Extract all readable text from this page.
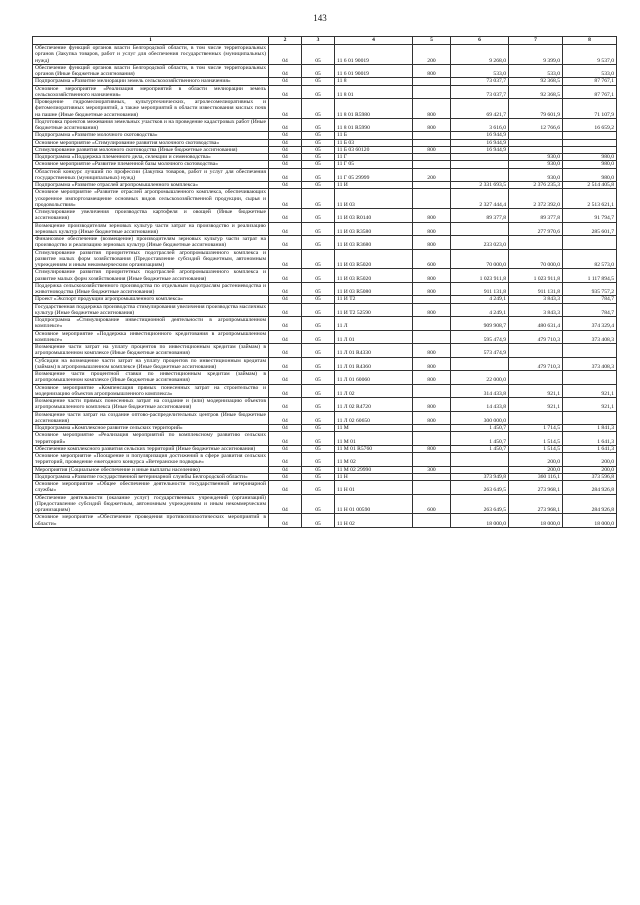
143
1	2	3	4	5	6	7	8
Обеспечение функций органов власти Белгородской области, в том числе территориальных органов (Закупка товаров, работ и услуг для обеспечения государственных (муниципальных) нужд)	04	05	11 6 01 90019	200	9 268,0	9 399,0	9 537,0
Обеспечение функций органов власти Белгородской области, в том числе территориальных органов (Иные бюджетные ассигнования)	04	05	11 6 01 90019	800	533,0	533,0	533,0
Подпрограмма «Развитие мелиорации земель сельскохозяйственного назначения»	04	05	11 8		73 037,7	92 368,5	87 767,1
Основное мероприятие «Реализация мероприятий в области мелиорации земель сельскохозяйственного назначения»	04	05	11 8 01		73 037,7	92 368,5	87 767,1
Проведение гидромелиоративных, культуртехнических, агролесомелиоративных и фитомелиоративных мероприятий, а также мероприятий в области известкования кислых почв на пашне (Иные бюджетные ассигнования)	04	05	11 8 01 R5980	800	69 421,7	79 601,9	71 107,9
Подготовка проектов межевания земельных участков и на проведение кадастровых работ (Иные бюджетные ассигнования)	04	05	11 8 01 R5990	800	3 616,0	12 766,6	16 659,2
Подпрограмма «Развитие молочного скотоводства»	04	05	11 Б		16 944,9		
Основное мероприятие «Стимулирование развития молочного скотоводства»	04	05	11 Б 03		16 944,9		
Стимулирование развития молочного скотоводства (Иные бюджетные ассигнования)	04	05	11 Б 03 60120	800	16 944,9		
Подпрограмма «Поддержка племенного дела, селекции и семеноводства»	04	05	11 Г			930,0	980,0
Основное мероприятие «Развитие племенной базы молочного скотоводства»	04	05	11 Г 05			930,0	980,0
Областной конкурс лучший по профессии (Закупка товаров, работ и услуг для обеспечения государственных (муниципальных) нужд)	04	05	11 Г 05 29999	200		930,0	980,0
Подпрограмма «Развитие отраслей агропромышленного комплекса»	04	05	11 И		2 331 693,5	2 376 235,3	2 514 405,8
Основное мероприятие «Развитие отраслей агропромышленного комплекса, обеспечивающих ускоренное импортозамещение основных видов сельскохозяйственной продукции, сырья и продовольствия»	04	05	11 И 03		2 327 444,4	2 372 392,0	2 513 621,1
Стимулирование увеличения производства картофеля и овощей (Иные бюджетные ассигнования)	04	05	11 И 03 R0140	800	89 377,8	89 377,8	91 794,7
Возмещение производителям зерновых культур части затрат на производство и реализацию зерновых культур (Иные бюджетные ассигнования)	04	05	11 И 03 R3580	800		277 970,6	285 601,7
Финансовое обеспечение (возмещение) производителям зерновых культур части затрат на производство и реализацию зерновых культур (Иные бюджетные ассигнования)	04	05	11 И 03 R3680	800	233 023,0		
Стимулирование развития приоритетных подотраслей агропромышленного комплекса и развитие малых форм хозяйствования (Предоставление субсидий бюджетным, автономным учреждениям и иным некоммерческим организациям)	04	05	11 И 03 R5020	600	70 000,0	70 000,0	82 573,0
Стимулирование развития приоритетных подотраслей агропромышленного комплекса и развитие малых форм хозяйствования (Иные бюджетные ассигнования)	04	05	11 И 03 R5020	800	1 023 911,8	1 023 911,8	1 117 894,5
Поддержка сельскохозяйственного производства по отдельным подотраслям растениеводства и животноводства (Иные бюджетные ассигнования)	04	05	11 И 03 R5080	800	911 131,8	911 131,8	935 757,2
Проект «Экспорт продукции агропромышленного комплекса»	04	05	11 И Т2		4 249,1	3 843,3	784,7
Государственная поддержка производства стимулирования увеличения производства масличных культур (Иные бюджетные ассигнования)	04	05	11 И Т2 52590	800	4 249,1	3 843,3	784,7
Подпрограмма «Стимулирование инвестиционной деятельности в агропромышленном комплексе»	04	05	11 Л		909 908,7	480 631,4	374 329,4
Основное мероприятие «Поддержка инвестиционного кредитования в агропромышленном комплексе»	04	05	11 Л 01		595 474,9	479 710,3	373 408,3
Возмещение части затрат на уплату процентов по инвестиционным кредитам (займам) в агропромышленном комплексе (Иные бюджетные ассигнования)	04	05	11 Л 01 R4330	800	573 474,9		
Субсидии на возмещение части затрат на уплату процентов по инвестиционным кредитам (займам) в агропромышленном комплексе (Иные бюджетные ассигнования)	04	05	11 Л 01 R4360	800		479 710,3	373 408,3
Возмещение части процентной ставки по инвестиционным кредитам (займам) в агропромышленном комплексе (Иные бюджетные ассигнования)	04	05	11 Л 01 60060	800	22 000,0		
Основное мероприятие «Компенсация прямых понесенных затрат на строительство и модернизацию объектов агропромышленного комплекса»	04	05	11 Л 02		314 433,8	921,1	921,1
Возмещение части прямых понесенных затрат на создание и (или) модернизацию объектов агропромышленного комплекса (Иные бюджетные ассигнования)	04	05	11 Л 02 R4720	800	14 433,8	921,1	921,1
Возмещение части затрат на создание оптово-распределительных центров (Иные бюджетные ассигнования)	04	05	11 Л 02 60650	800	300 000,0		
Подпрограмма «Комплексное развитие сельских территорий»	04	05	11 М		1 450,7	1 714,5	1 841,3
Основное мероприятие «Реализация мероприятий по комплексному развитию сельских территорий»	04	05	11 М 01		1 450,7	1 514,5	1 641,3
Обеспечение комплексного развития сельских территорий (Иные бюджетные ассигнования)	04	05	11 М 01 R5760	800	1 450,7	1 514,5	1 641,3
Основное мероприятие «Поощрение и популяризация достижений в сфере развития сельских территорий, проведение ежегодного конкурса «Ветеранское подворье»	04	05	11 М 02			200,0	200,0
Мероприятия (Социальное обеспечение и иные выплаты населению)	04	05	11 М 02 29990	300		200,0	200,0
Подпрограмма «Развитие государственной ветеринарной службы Белгородской области»	04	05	11 Н		373 949,8	360 116,1	373 596,8
Основное мероприятие «Общее обеспечение деятельности государственной ветеринарной службы»	04	05	11 Н 01		263 649,5	273 968,1	284 926,8
Обеспечение деятельности (оказание услуг) государственных учреждений (организаций) (Предоставление субсидий бюджетным, автономным учреждениям и иным некоммерческим организациям)	04	05	11 Н 01 00590	600	263 649,5	273 968,1	284 926,8
Основное мероприятие «Обеспечение проведения противоэпизоотических мероприятий в области»	04	05	11 Н 02		18 000,0	18 000,0	18 000,0
